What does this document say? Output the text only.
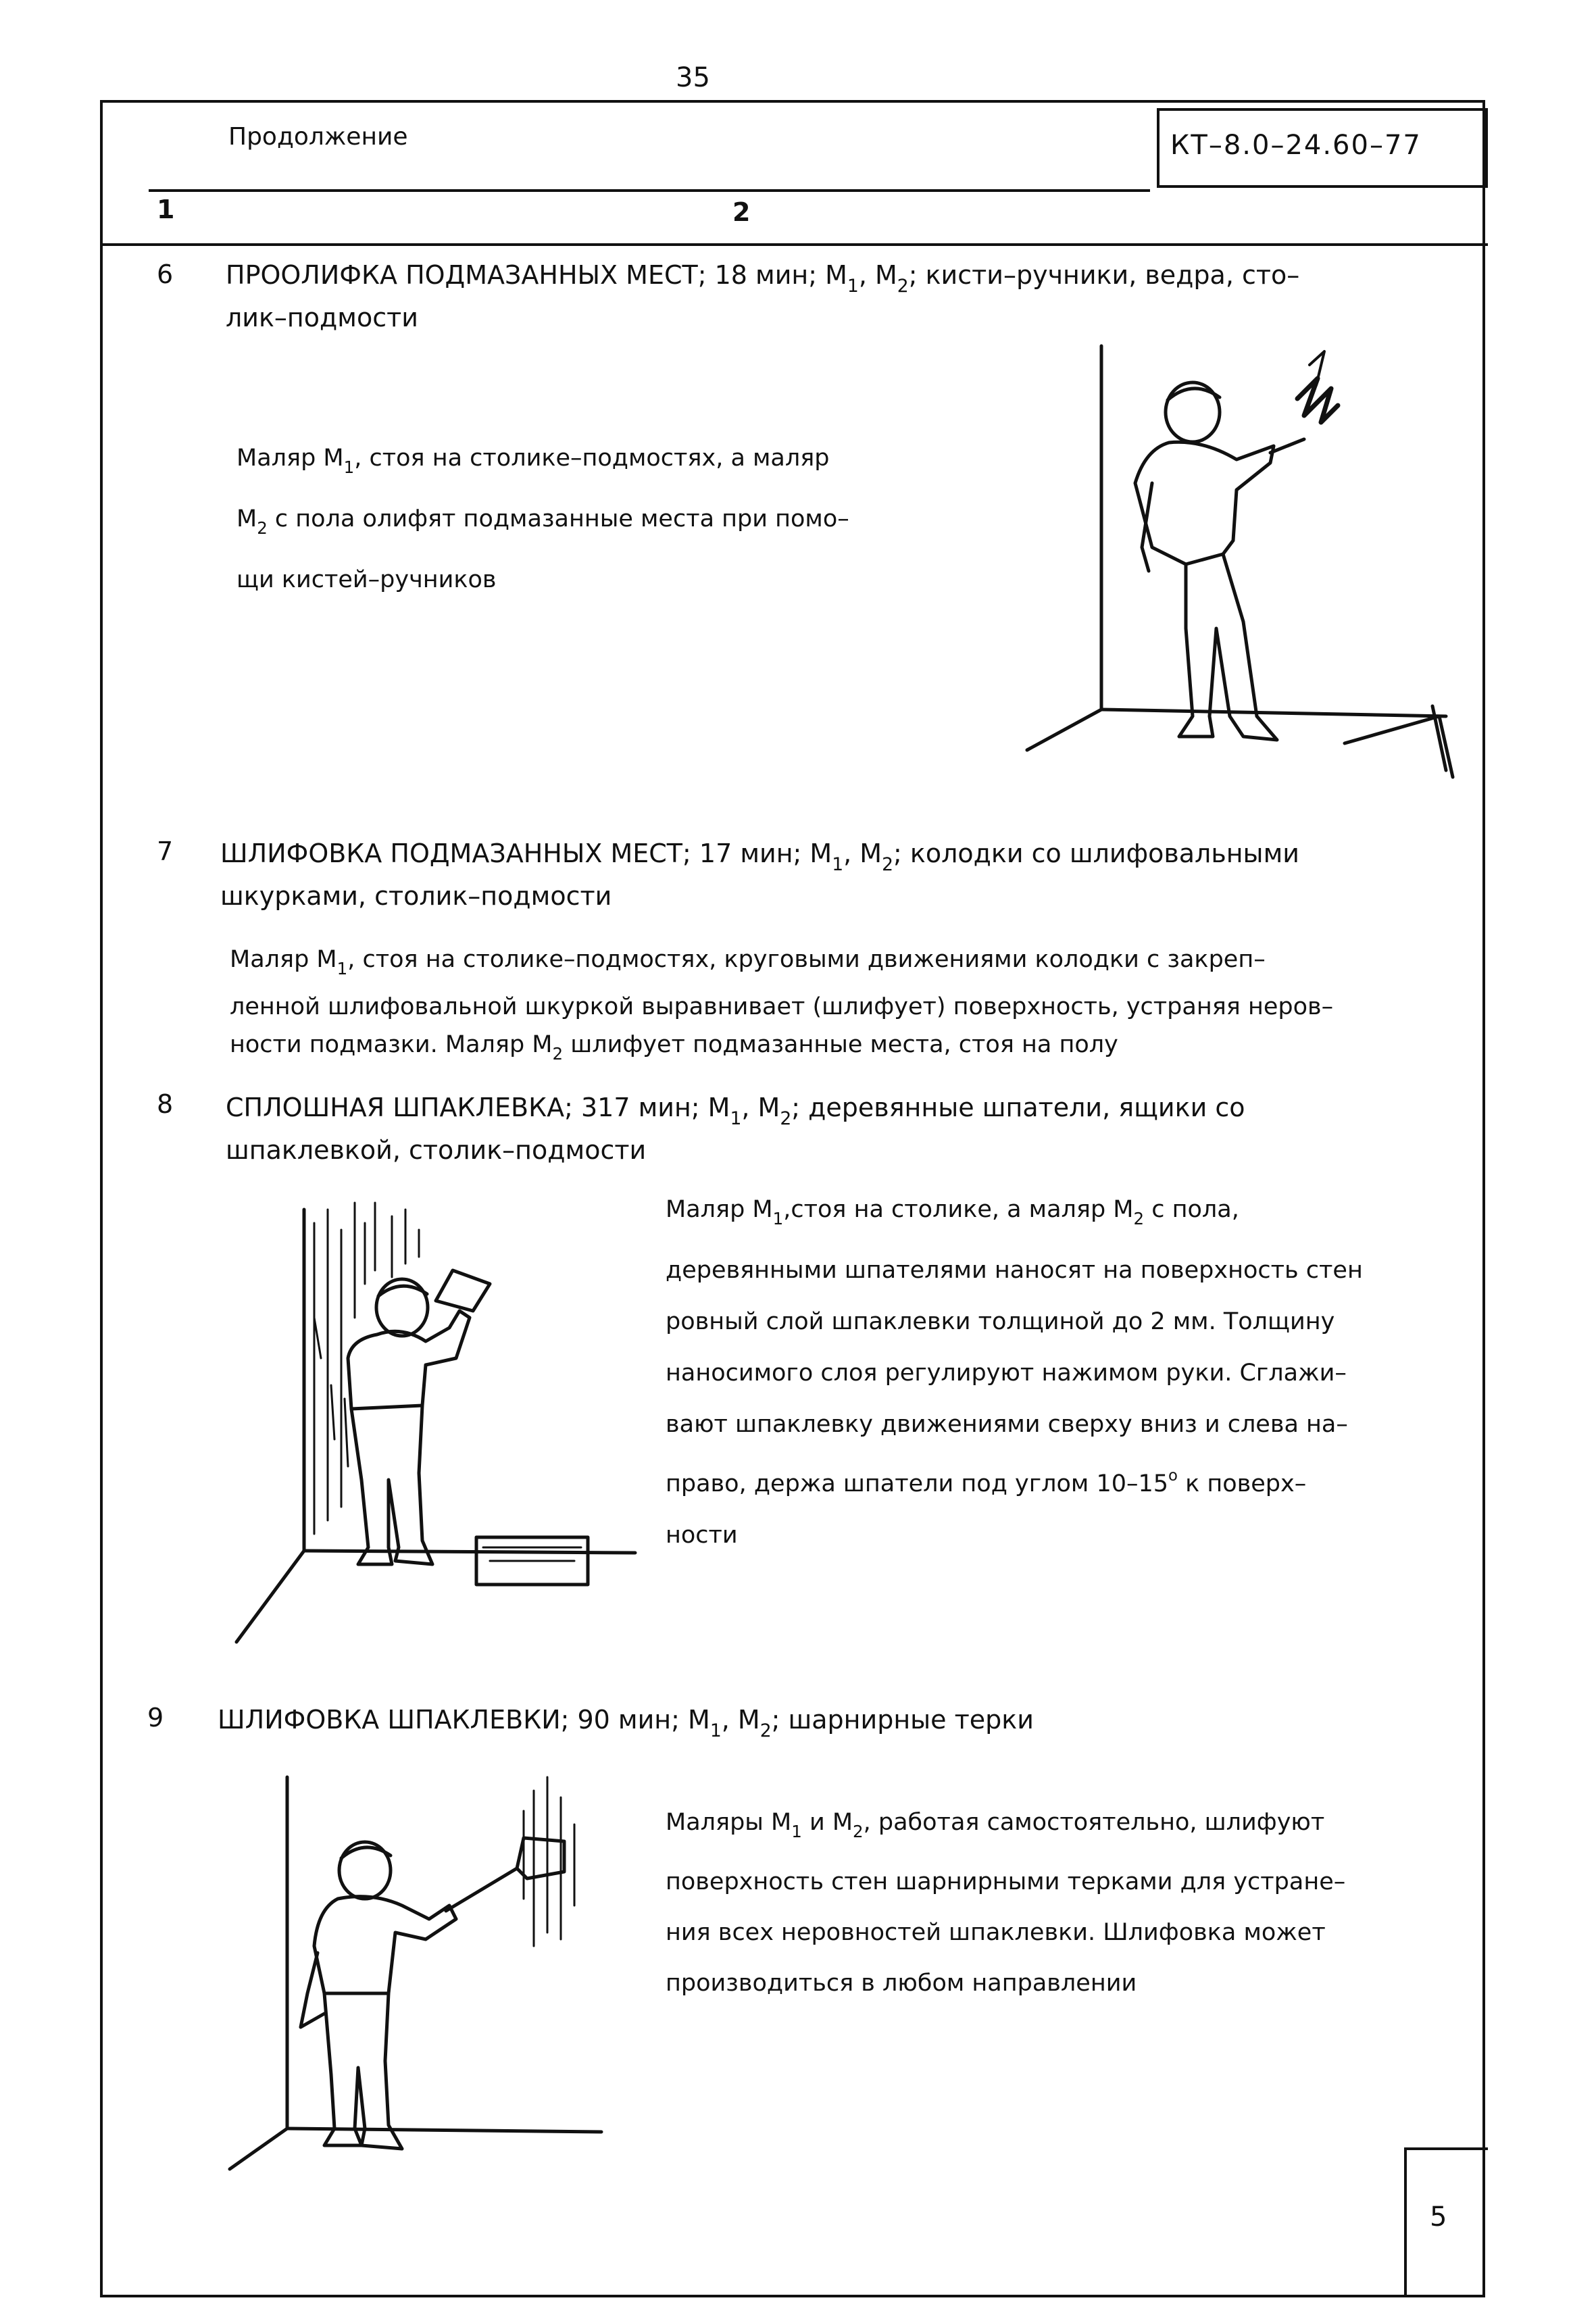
35
КТ–8.0–24.60–77
Продолжение
1	2
6 ПРООЛИФКА ПОДМАЗАННЫХ МЕСТ; 18 мин; $М_1$, $М_2$; кисти–ручники, ведра, сто–
лик–подмости
Маляр $М_1$, стоя на столике–подмостях, а маляр
$М_2$ с пола олифят подмазанные места при помо–
щи кистей–ручников
7 ШЛИФОВКА ПОДМАЗАННЫХ МЕСТ; 17 мин; $М_1$, $М_2$; колодки со шлифовальными
шкурками, столик–подмости
Маляр $М_1$, стоя на столике–подмостях, круговыми движениями колодки с закреп–
ленной шлифовальной шкуркой выравнивает (шлифует) поверхность, устраняя неров–
ности подмазки. Маляр $М_2$ шлифует подмазанные места, стоя на полу
8 СПЛОШНАЯ ШПАКЛЕВКА; 317 мин; $М_1$, $М_2$; деревянные шпатели, ящики со
шпаклевкой, столик–подмости
Маляр $М_1,стоя$ на столике, а маляр $М_2$ с пола,
деревянными шпателями наносят на поверхность стен
ровный слой шпаклевки толщиной до 2 мм. Толщину
наносимого слоя регулируют нажимом руки. Сглажи–
вают шпаклевку движениями сверху вниз и слева на–
право, держа шпатели под углом $10-15^о$ к поверх–
ности
9 ШЛИФОВКА ШПАКЛЕВКИ; 90 мин; $М_1$, $М_2$; шарнирные терки
Маляры $М_1$ и $М_2$, работая самостоятельно, шлифуют
поверхность стен шарнирными терками для устране–
ния всех неровностей шпаклевки. Шлифовка может
производиться в любом направлении
5
